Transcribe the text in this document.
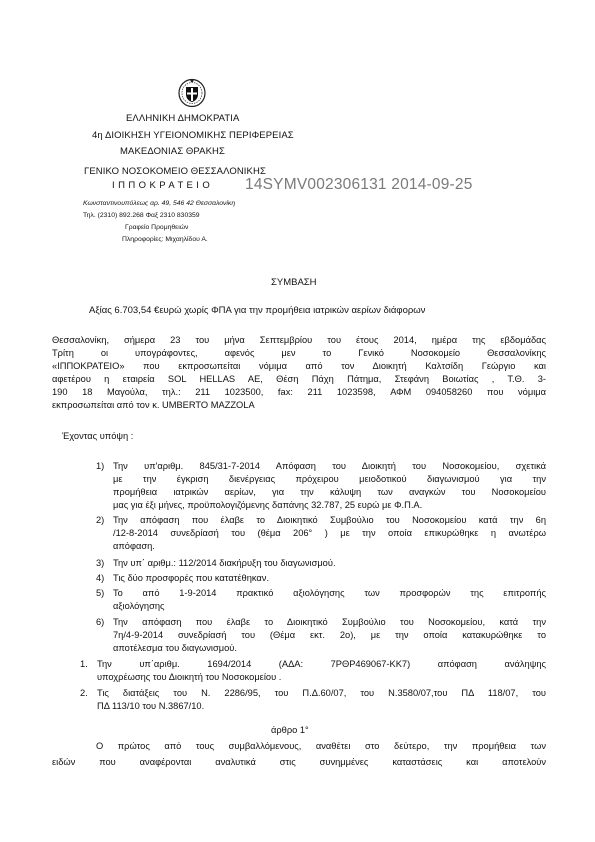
ΕΛΛΗΝΙΚΗ ΔΗΜΟΚΡΑΤΙΑ
4η ΔΙΟΙΚΗΣΗ ΥΓΕΙΟΝΟΜΙΚΗΣ ΠΕΡΙΦΕΡΕΙΑΣ
ΜΑΚΕΔΟΝΙΑΣ ΘΡΑΚΗΣ
ΓΕΝΙΚΟ ΝΟΣΟΚΟΜΕΙΟ ΘΕΣΣΑΛΟΝΙΚΗΣ
Ι Π Π Ο Κ Ρ Α Τ Ε Ι Ο 14SYMV002306131 2014-09-25
Κωνσταντινουπόλεως αρ. 49, 546 42 Θεσσαλονίκη
Τηλ. (2310) 892.268 Φαξ 2310 830359
Γραφείο Προμηθειών
Πληροφορίες: Μιχαηλίδου Α.
ΣΥΜΒΑΣΗ
Αξίας 6.703,54 €ευρώ χωρίς ΦΠΑ για την προμήθεια ιατρικών αερίων διάφορων
Θεσσαλονίκη, σήμερα 23 του μήνα Σεπτεμβρίου του έτους 2014, ημέρα της εβδομάδας
Τρίτη οι υπογράφοντες, αφενός μεν το Γενικό Νοσοκομείο Θεσσαλονίκης
«ΙΠΠΟΚΡΑΤΕΙΟ» που εκπροσωπείται νόμιμα από τον Διοικητή Καλτσίδη Γεώργιο και
αφετέρου η εταιρεία SOL HELLAS AE, Θέση Πάχη Πάτημα, Στεφάνη Βοιωτίας , Τ.Θ. 3-
190 18 Μαγούλα, τηλ.: 211 1023500, fax: 211 1023598, ΑΦΜ 094058260 που νόμιμα
εκπροσωπείται από τον κ. UMBERTO MAZZOLA
Έχοντας υπόψη :
1) Την υπ'αριθμ. 845/31-7-2014 Απόφαση του Διοικητή του Νοσοκομείου, σχετικά
με την έγκριση διενέργειας πρόχειρου μειοδοτικού διαγωνισμού για την
προμήθεια ιατρικών αερίων, για την κάλυψη των αναγκών του Νοσοκομείου
μας για έξι μήνες, προϋπολογιζόμενης δαπάνης 32.787, 25 ευρώ με Φ.Π.Α.
2) Την απόφαση που έλαβε το Διοικητικό Συμβούλιο του Νοσοκομείου κατά την 6η
/12-8-2014 συνεδρίασή του (θέμα 206° ) με την οποία επικυρώθηκε η ανωτέρω
απόφαση.
3) Την υπ΄ αριθμ.: 112/2014 διακήρυξη του διαγωνισμού.
4) Τις δύο προσφορές που κατατέθηκαν.
5) Το από 1-9-2014 πρακτικό αξιολόγησης των προσφορών της επιτροπής
αξιολόγησης
6) Την απόφαση που έλαβε το Διοικητικό Συμβούλιο του Νοσοκομείου, κατά την
7η/4-9-2014 συνεδρίασή του (Θέμα εκτ. 2ο), με την οποία κατακυρώθηκε το
αποτέλεσμα του διαγωνισμού.
1. Την υπ΄αριθμ. 1694/2014 (ΑΔΑ: 7ΡΘΡ469067-ΚΚ7) απόφαση ανάληψης
υποχρέωσης του Διοικητή του Νοσοκομείου .
2. Τις διατάξεις του Ν. 2286/95, του Π.Δ.60/07, του Ν.3580/07,του ΠΔ 118/07, του
ΠΔ 113/10 του Ν.3867/10.
άρθρο 1°
Ο πρώτος από τους συμβαλλόμενους, αναθέτει στο δεύτερο, την προμήθεια των
ειδών που αναφέρονται αναλυτικά στις συνημμένες καταστάσεις και αποτελούν
